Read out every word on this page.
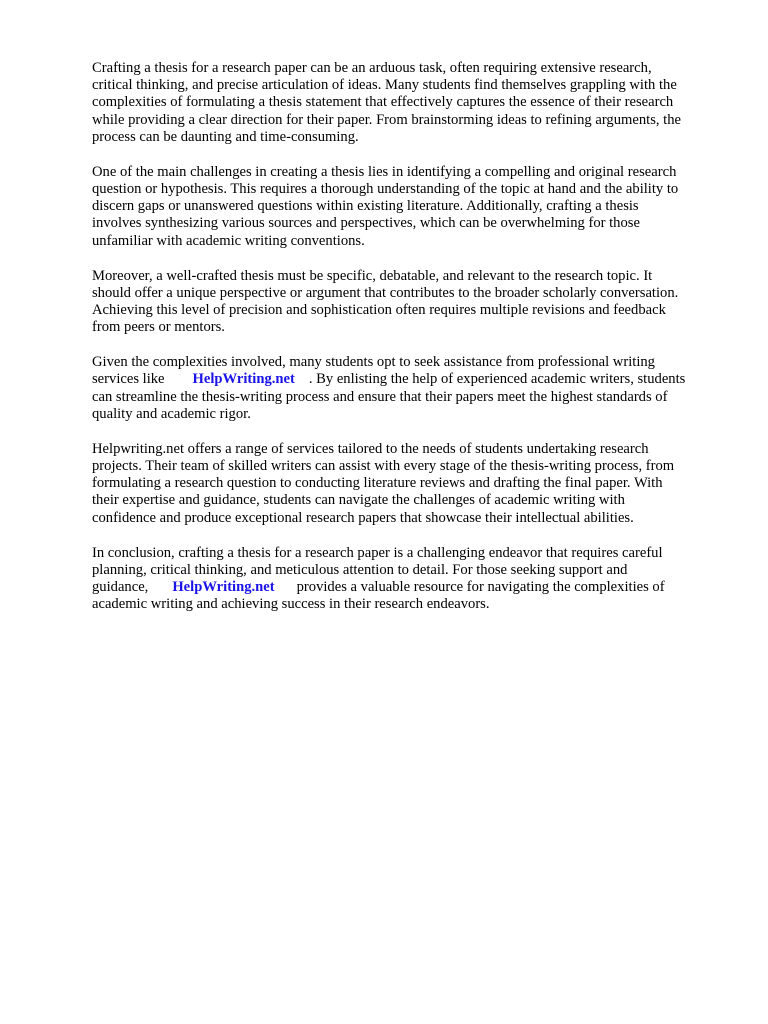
Crafting a thesis for a research paper can be an arduous task, often requiring extensive research,
critical thinking, and precise articulation of ideas. Many students find themselves grappling with the
complexities of formulating a thesis statement that effectively captures the essence of their research
while providing a clear direction for their paper. From brainstorming ideas to refining arguments, the
process can be daunting and time-consuming.

One of the main challenges in creating a thesis lies in identifying a compelling and original research
question or hypothesis. This requires a thorough understanding of the topic at hand and the ability to
discern gaps or unanswered questions within existing literature. Additionally, crafting a thesis
involves synthesizing various sources and perspectives, which can be overwhelming for those
unfamiliar with academic writing conventions.

Moreover, a well-crafted thesis must be specific, debatable, and relevant to the research topic. It
should offer a unique perspective or argument that contributes to the broader scholarly conversation.
Achieving this level of precision and sophistication often requires multiple revisions and feedback
from peers or mentors.

Given the complexities involved, many students opt to seek assistance from professional writing
services like HelpWriting.net . By enlisting the help of experienced academic writers, students
can streamline the thesis-writing process and ensure that their papers meet the highest standards of
quality and academic rigor.

Helpwriting.net offers a range of services tailored to the needs of students undertaking research
projects. Their team of skilled writers can assist with every stage of the thesis-writing process, from
formulating a research question to conducting literature reviews and drafting the final paper. With
their expertise and guidance, students can navigate the challenges of academic writing with
confidence and produce exceptional research papers that showcase their intellectual abilities.

In conclusion, crafting a thesis for a research paper is a challenging endeavor that requires careful
planning, critical thinking, and meticulous attention to detail. For those seeking support and
guidance, HelpWriting.net provides a valuable resource for navigating the complexities of
academic writing and achieving success in their research endeavors.
